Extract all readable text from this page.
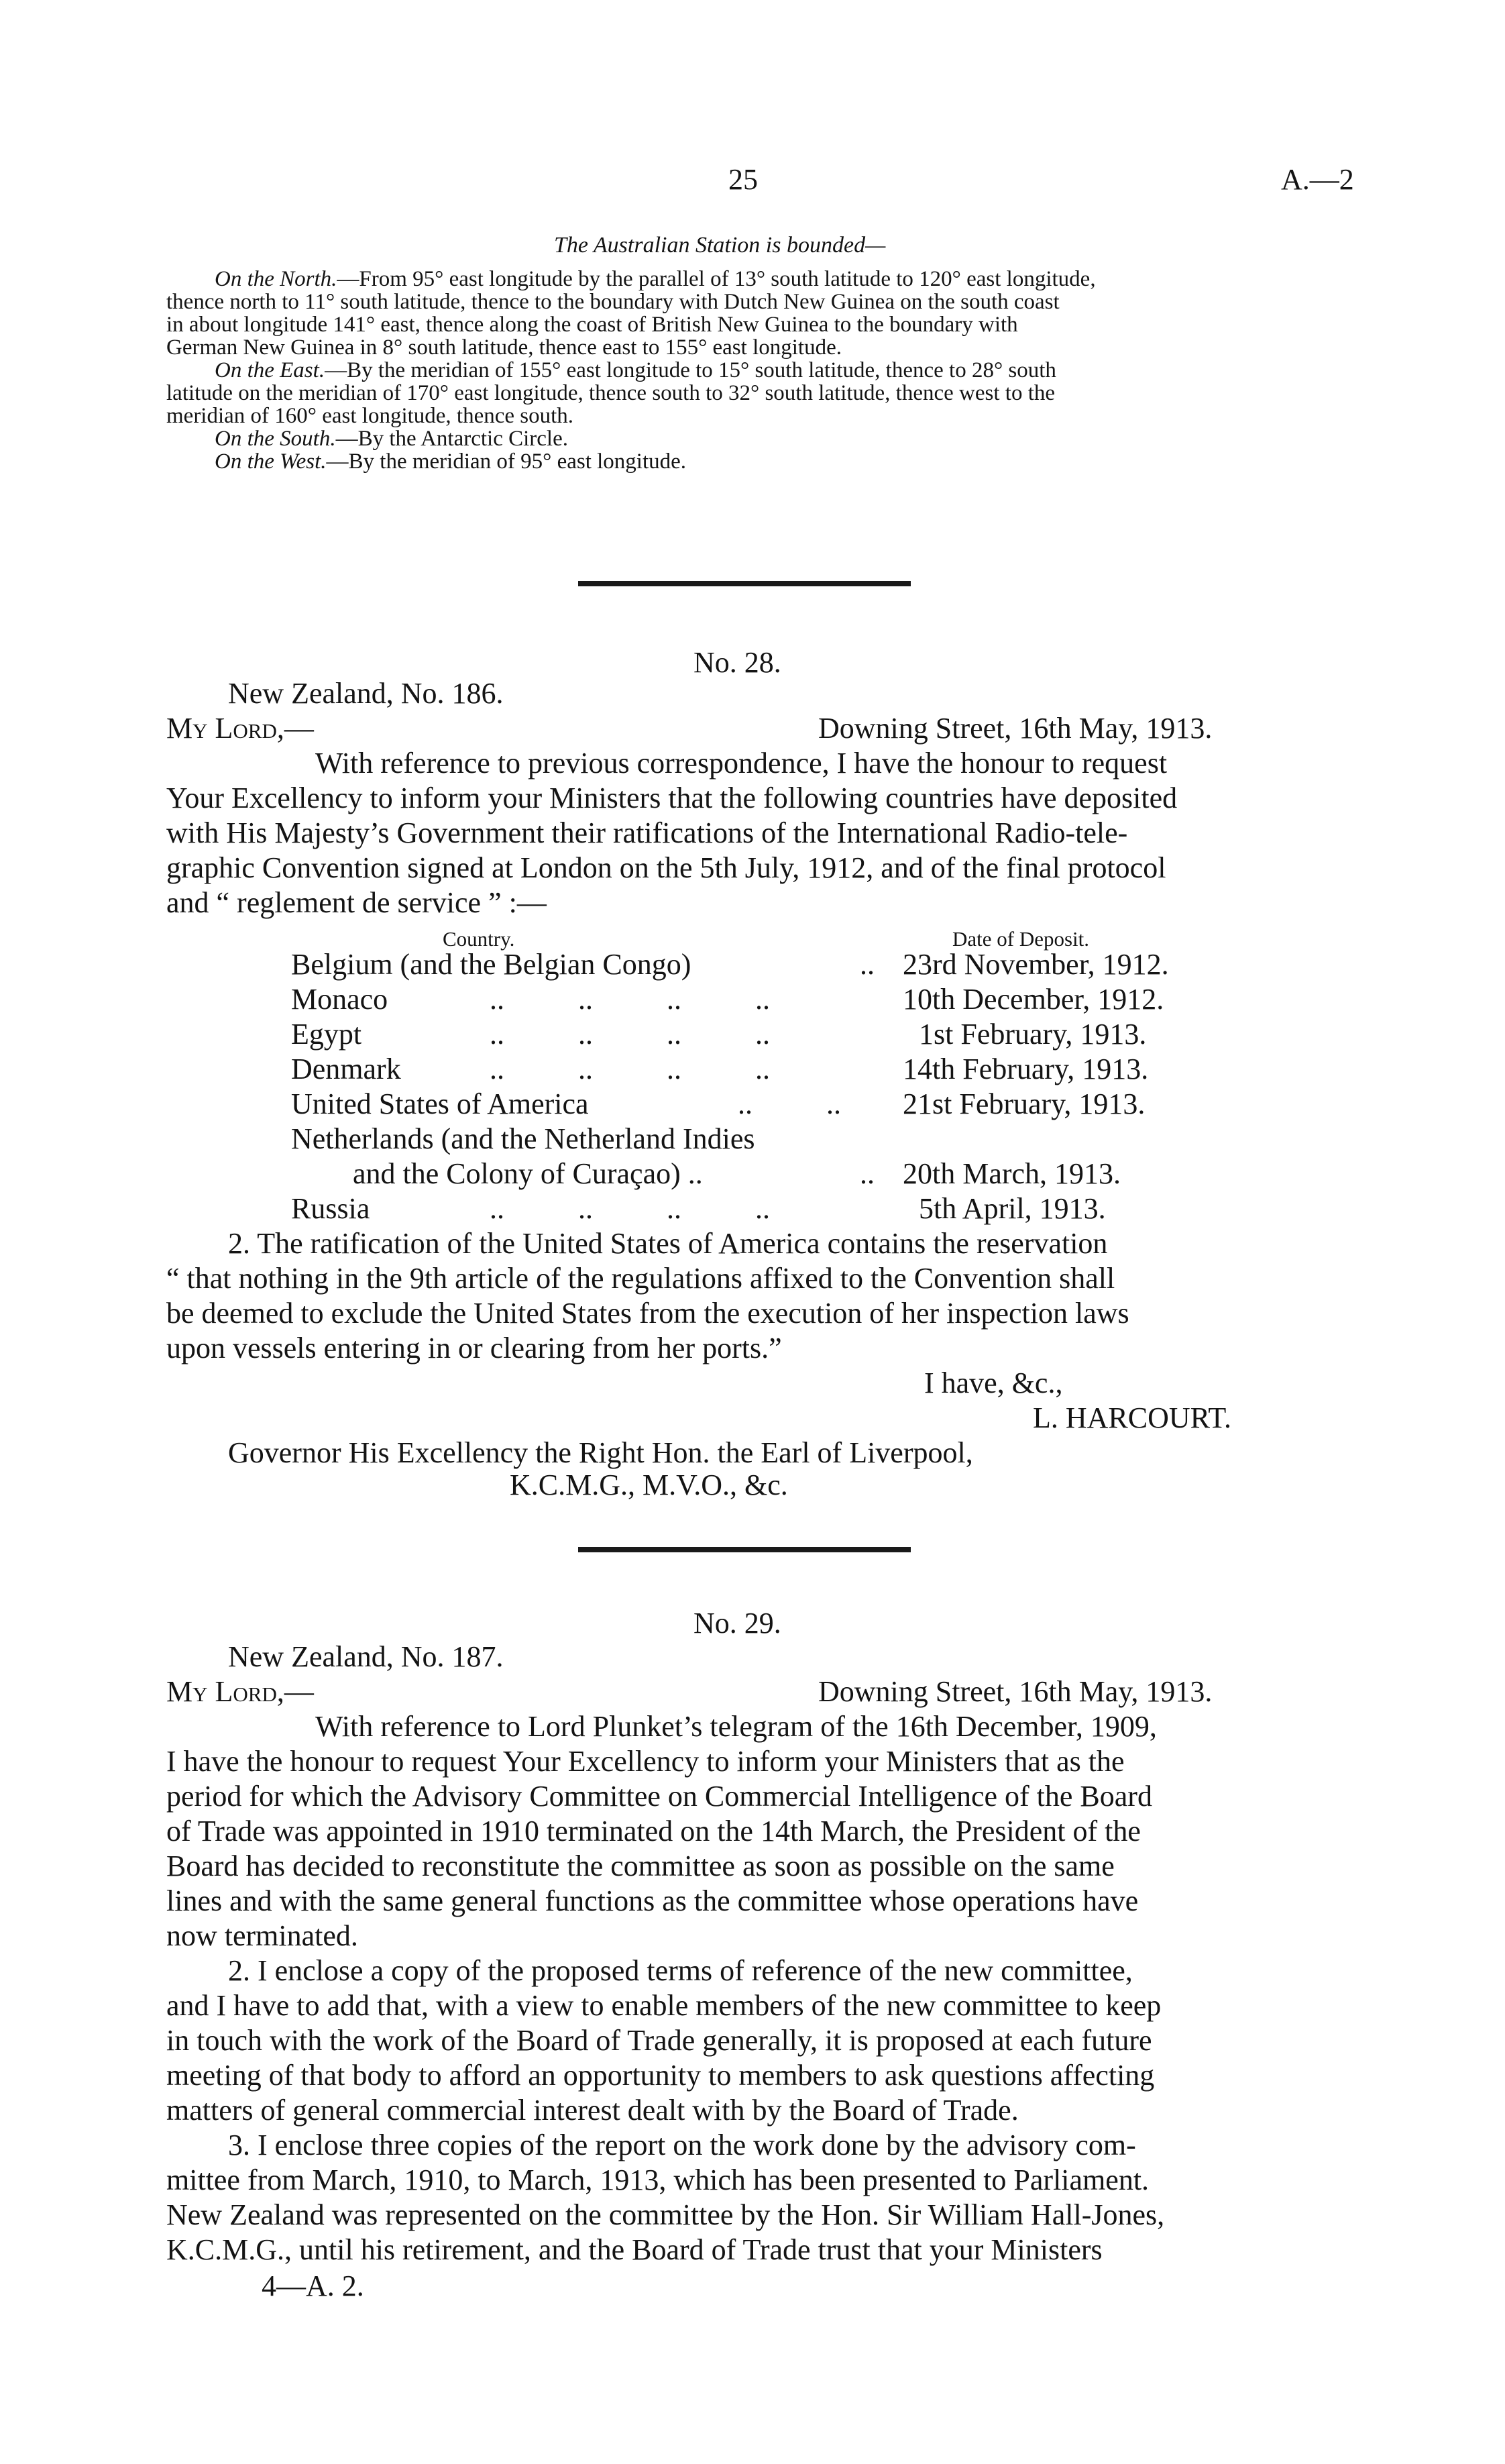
25	A.—2
The Australian Station is bounded—
On the North.—From 95° east longitude by the parallel of 13° south latitude to 120° east longitude,
thence north to 11° south latitude, thence to the boundary with Dutch New Guinea on the south coast
in about longitude 141° east, thence along the coast of British New Guinea to the boundary with
German New Guinea in 8° south latitude, thence east to 155° east longitude.
On the East.—By the meridian of 155° east longitude to 15° south latitude, thence to 28° south
latitude on the meridian of 170° east longitude, thence south to 32° south latitude, thence west to the
meridian of 160° east longitude, thence south.
On the South.—By the Antarctic Circle.
On the West.—By the meridian of 95° east longitude.
No. 28.
New Zealand, No. 186.
My Lord,—	Downing Street, 16th May, 1913.
With reference to previous correspondence, I have the honour to request
Your Excellency to inform your Ministers that the following countries have deposited
with His Majesty’s Government their ratifications of the International Radio-tele-
graphic Convention signed at London on the 5th July, 1912, and of the final protocol
and “ reglement de service ” :—
Country.	Date of Deposit.
Belgium (and the Belgian Congo)	.. 23rd November, 1912.
Monaco	..          ..          ..          ..	10th December, 1912.
Egypt	..          ..          ..          ..	1st February, 1913.
Denmark	..          ..          ..          ..	14th February, 1913.
United States of America	..          .. 21st February, 1913.
Netherlands (and the Netherland Indies
and the Colony of Curaçao) ..	.. 20th March, 1913.
Russia	..          ..          ..          ..	5th April, 1913.
2. The ratification of the United States of America contains the reservation
“ that nothing in the 9th article of the regulations affixed to the Convention shall
be deemed to exclude the United States from the execution of her inspection laws
upon vessels entering in or clearing from her ports.”
I have, &c.,
L. HARCOURT.
Governor His Excellency the Right Hon. the Earl of Liverpool,
K.C.M.G., M.V.O., &c.
No. 29.
New Zealand, No. 187.
My Lord,—	Downing Street, 16th May, 1913.
With reference to Lord Plunket’s telegram of the 16th December, 1909,
I have the honour to request Your Excellency to inform your Ministers that as the
period for which the Advisory Committee on Commercial Intelligence of the Board
of Trade was appointed in 1910 terminated on the 14th March, the President of the
Board has decided to reconstitute the committee as soon as possible on the same
lines and with the same general functions as the committee whose operations have
now terminated.
2. I enclose a copy of the proposed terms of reference of the new committee,
and I have to add that, with a view to enable members of the new committee to keep
in touch with the work of the Board of Trade generally, it is proposed at each future
meeting of that body to afford an opportunity to members to ask questions affecting
matters of general commercial interest dealt with by the Board of Trade.
3. I enclose three copies of the report on the work done by the advisory com-
mittee from March, 1910, to March, 1913, which has been presented to Parliament.
New Zealand was represented on the committee by the Hon. Sir William Hall-Jones,
K.C.M.G., until his retirement, and the Board of Trade trust that your Ministers
4—A. 2.
